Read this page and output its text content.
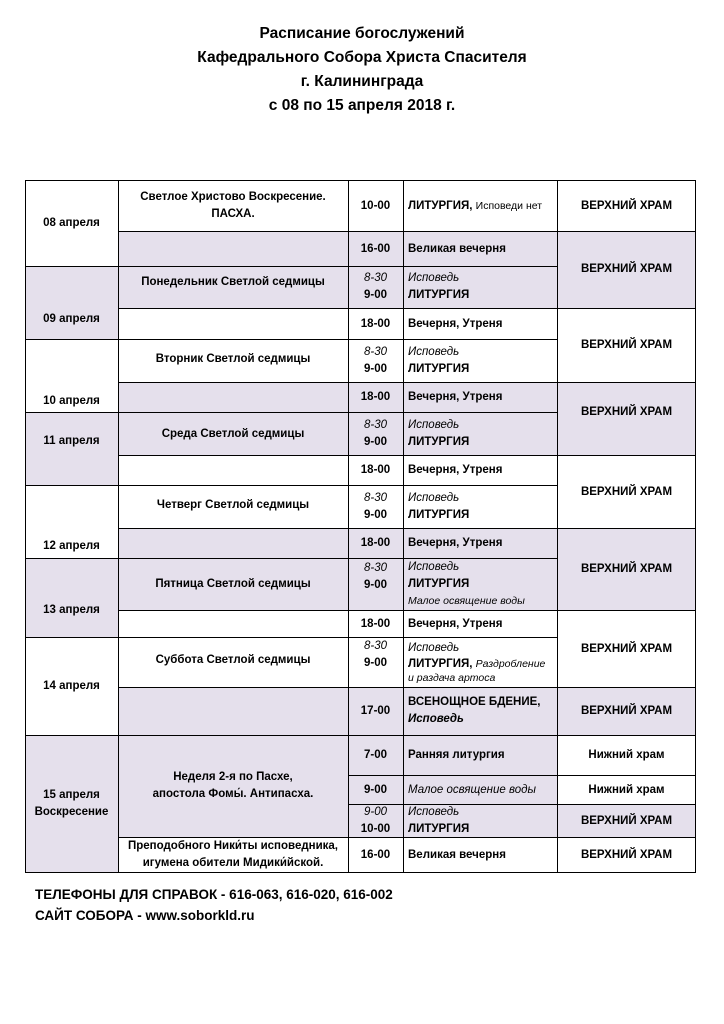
Расписание богослужений
Кафедрального Собора Христа Спасителя
г. Калининграда
с 08 по 15 апреля 2018 г.
08 апреля
09 апреля
10 апреля
11 апреля
12 апреля
13 апреля
14 апреля
15 апреля
Воскресение
Светлое Христово Воскресение.
ПАСХА.
Понедельник Светлой седмицы
Вторник Светлой седмицы
Среда Светлой седмицы
Четверг Светлой седмицы
Пятница Светлой седмицы
Суббота Светлой седмицы
Неделя 2-я по Пасхе,
апостола Фомы́. Антипасха.
Преподобного Ники́ты исповедника,
игумена обители Мидики́йской.
10-00
16-00
8-30
9-00
18-00
8-30
9-00
18-00
8-30
9-00
18-00
8-30
9-00
18-00
8-30
9-00
18-00
8-30
9-00
17-00
7-00
9-00
9-00
10-00
16-00
ЛИТУРГИЯ,
Исповеди нет
Великая вечерня
Исповедь
ЛИТУРГИЯ
Вечерня, Утреня
Исповедь
ЛИТУРГИЯ
Вечерня, Утреня
Исповедь
ЛИТУРГИЯ
Вечерня, Утреня
Исповедь
ЛИТУРГИЯ
Вечерня, Утреня
Исповедь
ЛИТУРГИЯ
Малое освящение воды
Вечерня, Утреня
Исповедь
ЛИТУРГИЯ, Раздробление
и раздача артоса
ВСЕНОЩНОЕ БДЕНИЕ,
Исповедь
Ранняя литургия
Малое освящение воды
Исповедь
ЛИТУРГИЯ
Великая вечерня
ВЕРХНИЙ ХРАМ
ВЕРХНИЙ ХРАМ
ВЕРХНИЙ ХРАМ
ВЕРХНИЙ ХРАМ
ВЕРХНИЙ ХРАМ
ВЕРХНИЙ ХРАМ
ВЕРХНИЙ ХРАМ
ВЕРХНИЙ ХРАМ
Нижний храм
Нижний храм
ВЕРХНИЙ ХРАМ
ВЕРХНИЙ ХРАМ
ТЕЛЕФОНЫ ДЛЯ СПРАВОК - 616-063, 616-020, 616-002
САЙТ СОБОРА - www.soborkld.ru
